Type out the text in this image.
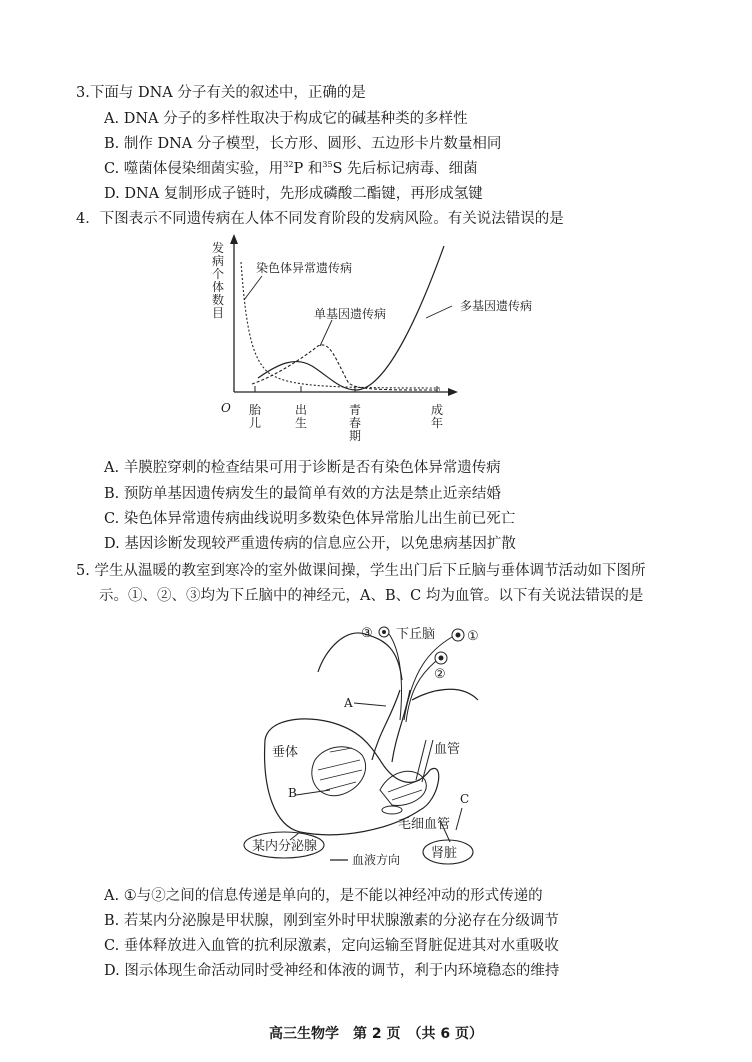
3.下面与 DNA 分子有关的叙述中，正确的是
A. DNA 分子的多样性取决于构成它的碱基种类的多样性
B. 制作 DNA 分子模型，长方形、圆形、五边形卡片数量相同
C. 噬菌体侵染细菌实验，用$^{32}$P 和$^{35}$S 先后标记病毒、细菌
D. DNA 复制形成子链时，先形成磷酸二酯键，再形成氢键
4．下图表示不同遗传病在人体不同发育阶段的发病风险。有关说法错误的是
发
病
个
体
数
目
O 胎
儿
出
生
青
春
期
成
年
染色体异常遗传病
单基因遗传病
多基因遗传病
A. 羊膜腔穿刺的检查结果可用于诊断是否有染色体异常遗传病
B. 预防单基因遗传病发生的最简单有效的方法是禁止近亲结婚
C. 染色体异常遗传病曲线说明多数染色体异常胎儿出生前已死亡
D. 基因诊断发现较严重遗传病的信息应公开，以免患病基因扩散
5. 学生从温暖的教室到寒冷的室外做课间操，学生出门后下丘脑与垂体调节活动如下图所
示。①、②、③均为下丘脑中的神经元，A、B、C 均为血管。以下有关说法错误的是
③ 下丘脑 ①
②
A
垂体
B
血管
C
毛细血管
某内分泌腺	肾脏
血液方向
A. ①与②之间的信息传递是单向的，是不能以神经冲动的形式传递的
B. 若某内分泌腺是甲状腺，刚到室外时甲状腺激素的分泌存在分级调节
C. 垂体释放进入血管的抗利尿激素，定向运输至肾脏促进其对水重吸收
D. 图示体现生命活动同时受神经和体液的调节，利于内环境稳态的维持
高三生物学　第 2 页　（共 6 页）
